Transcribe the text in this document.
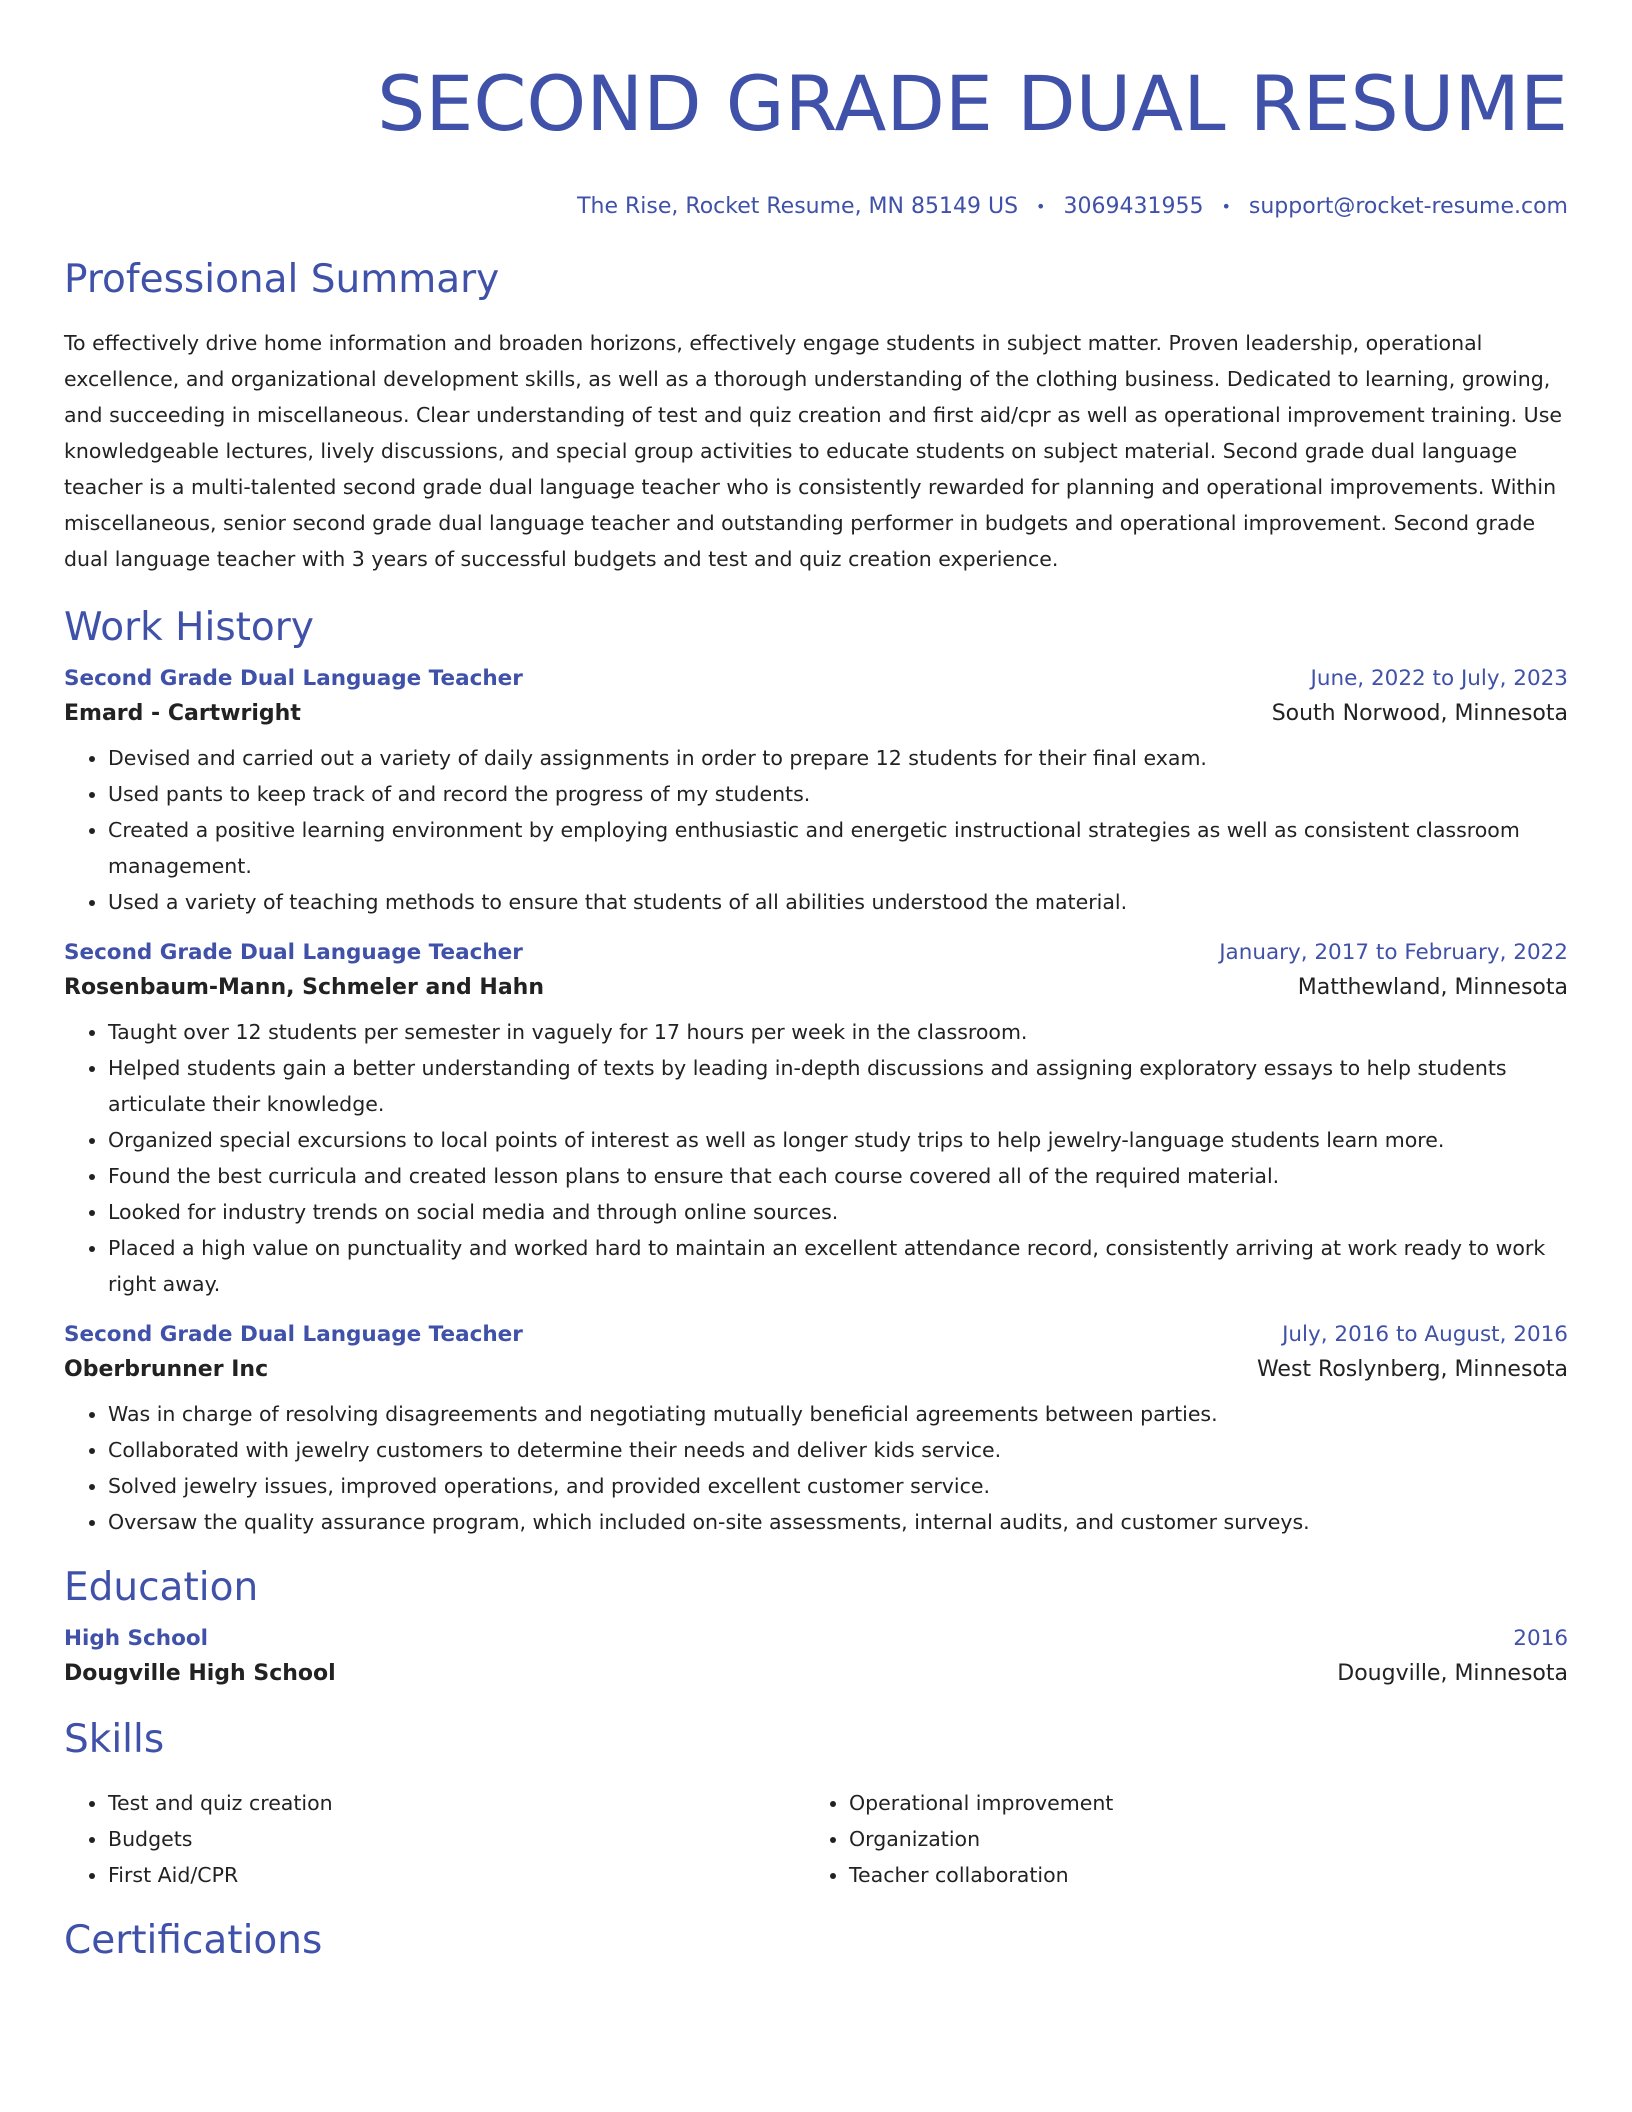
SECOND GRADE DUAL RESUME
The Rise, Rocket Resume, MN 85149 US • 3069431955 • support@rocket-resume.com
Professional Summary

To effectively drive home information and broaden horizons, effectively engage students in subject matter. Proven leadership, operational excellence, and organizational development skills, as well as a thorough understanding of the clothing business. Dedicated to learning, growing, and succeeding in miscellaneous. Clear understanding of test and quiz creation and first aid/cpr as well as operational improvement training. Use knowledgeable lectures, lively discussions, and special group activities to educate students on subject material. Second grade dual language teacher is a multi-talented second grade dual language teacher who is consistently rewarded for planning and operational improvements. Within miscellaneous, senior second grade dual language teacher and outstanding performer in budgets and operational improvement. Second grade dual language teacher with 3 years of successful budgets and test and quiz creation experience.

Work History
Second Grade Dual Language Teacher	June, 2022 to July, 2023
Emard - Cartwright	South Norwood, Minnesota
• Devised and carried out a variety of daily assignments in order to prepare 12 students for their final exam.
• Used pants to keep track of and record the progress of my students.
• Created a positive learning environment by employing enthusiastic and energetic instructional strategies as well as consistent classroom management.
• Used a variety of teaching methods to ensure that students of all abilities understood the material.
Second Grade Dual Language Teacher	January, 2017 to February, 2022
Rosenbaum-Mann, Schmeler and Hahn	Matthewland, Minnesota
• Taught over 12 students per semester in vaguely for 17 hours per week in the classroom.
• Helped students gain a better understanding of texts by leading in-depth discussions and assigning exploratory essays to help students articulate their knowledge.
• Organized special excursions to local points of interest as well as longer study trips to help jewelry-language students learn more.
• Found the best curricula and created lesson plans to ensure that each course covered all of the required material.
• Looked for industry trends on social media and through online sources.
• Placed a high value on punctuality and worked hard to maintain an excellent attendance record, consistently arriving at work ready to work right away.
Second Grade Dual Language Teacher	July, 2016 to August, 2016
Oberbrunner Inc	West Roslynberg, Minnesota
• Was in charge of resolving disagreements and negotiating mutually beneficial agreements between parties.
• Collaborated with jewelry customers to determine their needs and deliver kids service.
• Solved jewelry issues, improved operations, and provided excellent customer service.
• Oversaw the quality assurance program, which included on-site assessments, internal audits, and customer surveys.
Education
High School	2016
Dougville High School	Dougville, Minnesota
Skills
• Test and quiz creation
• Budgets
• First Aid/CPR
• Operational improvement
• Organization
• Teacher collaboration
Certifications
